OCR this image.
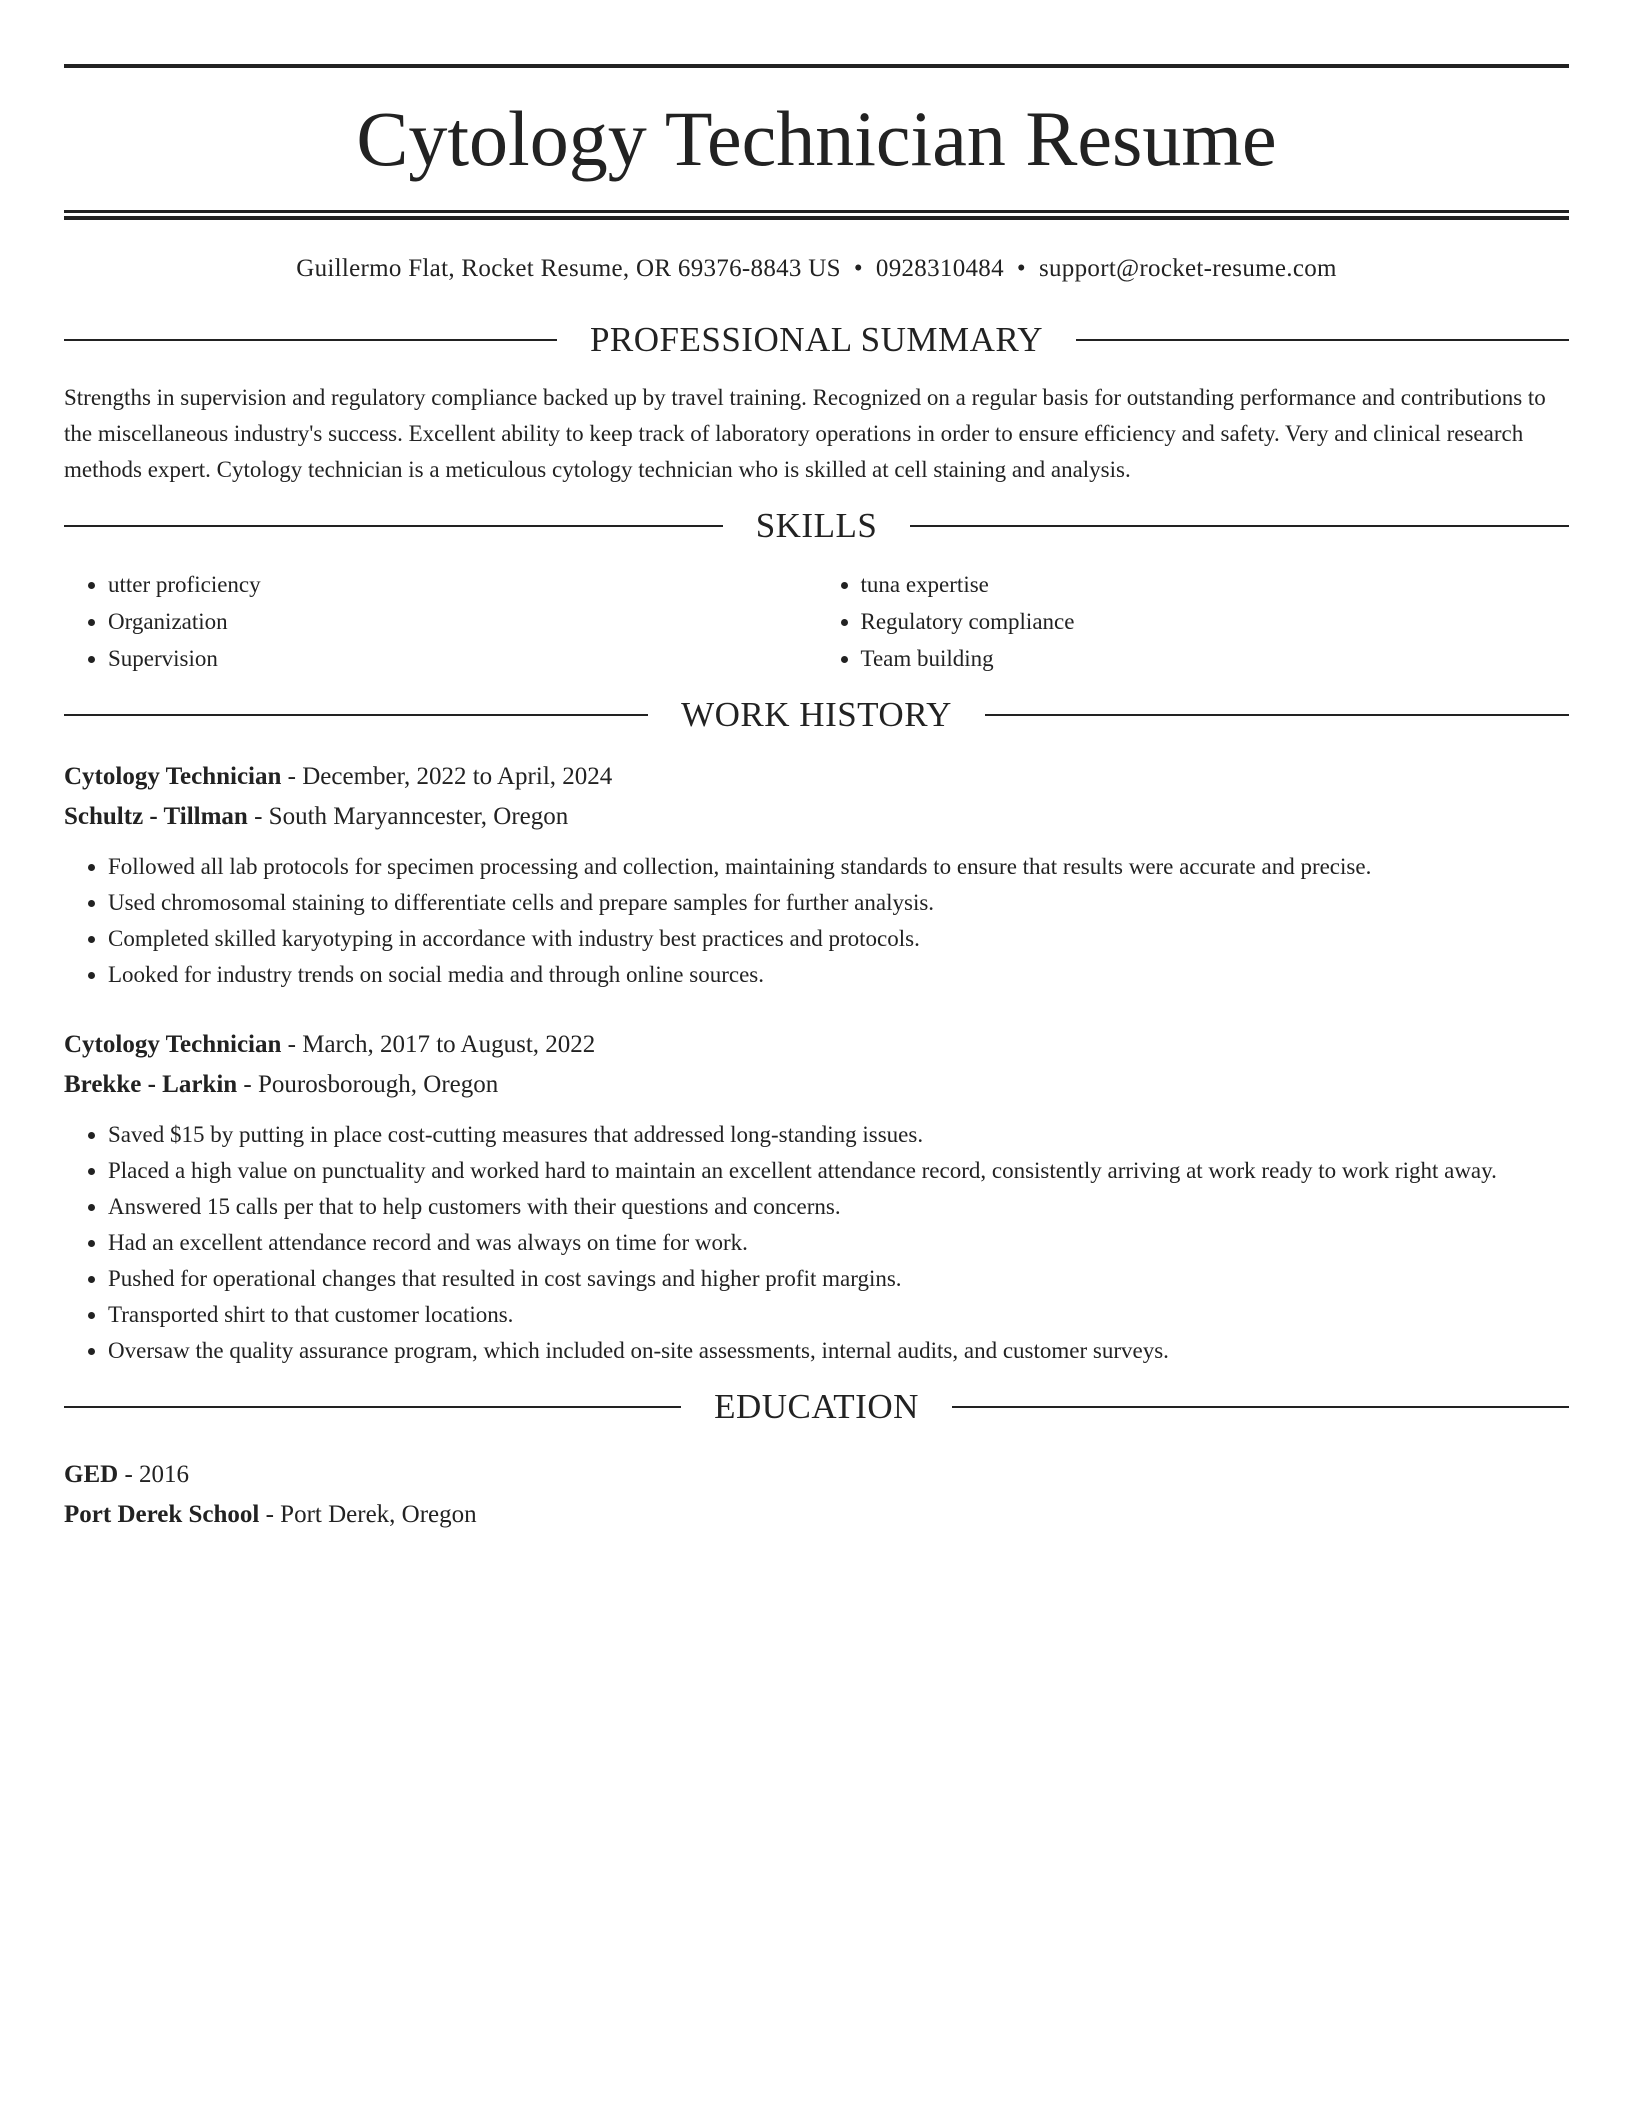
Cytology Technician Resume
Guillermo Flat, Rocket Resume, OR 69376-8843 US • 0928310484 • support@rocket-resume.com
PROFESSIONAL SUMMARY
Strengths in supervision and regulatory compliance backed up by travel training. Recognized on a regular basis for outstanding performance and contributions to the miscellaneous industry's success. Excellent ability to keep track of laboratory operations in order to ensure efficiency and safety. Very and clinical research methods expert. Cytology technician is a meticulous cytology technician who is skilled at cell staining and analysis.
SKILLS
• utter proficiency
• Organization
• Supervision
• tuna expertise
• Regulatory compliance
• Team building
WORK HISTORY
Cytology Technician - December, 2022 to April, 2024
Schultz - Tillman - South Maryanncester, Oregon
• Followed all lab protocols for specimen processing and collection, maintaining standards to ensure that results were accurate and precise.
• Used chromosomal staining to differentiate cells and prepare samples for further analysis.
• Completed skilled karyotyping in accordance with industry best practices and protocols.
• Looked for industry trends on social media and through online sources.
Cytology Technician - March, 2017 to August, 2022
Brekke - Larkin - Pourosborough, Oregon
• Saved $15 by putting in place cost-cutting measures that addressed long-standing issues.
• Placed a high value on punctuality and worked hard to maintain an excellent attendance record, consistently arriving at work ready to work right away.
• Answered 15 calls per that to help customers with their questions and concerns.
• Had an excellent attendance record and was always on time for work.
• Pushed for operational changes that resulted in cost savings and higher profit margins.
• Transported shirt to that customer locations.
• Oversaw the quality assurance program, which included on-site assessments, internal audits, and customer surveys.
EDUCATION
GED - 2016
Port Derek School - Port Derek, Oregon
